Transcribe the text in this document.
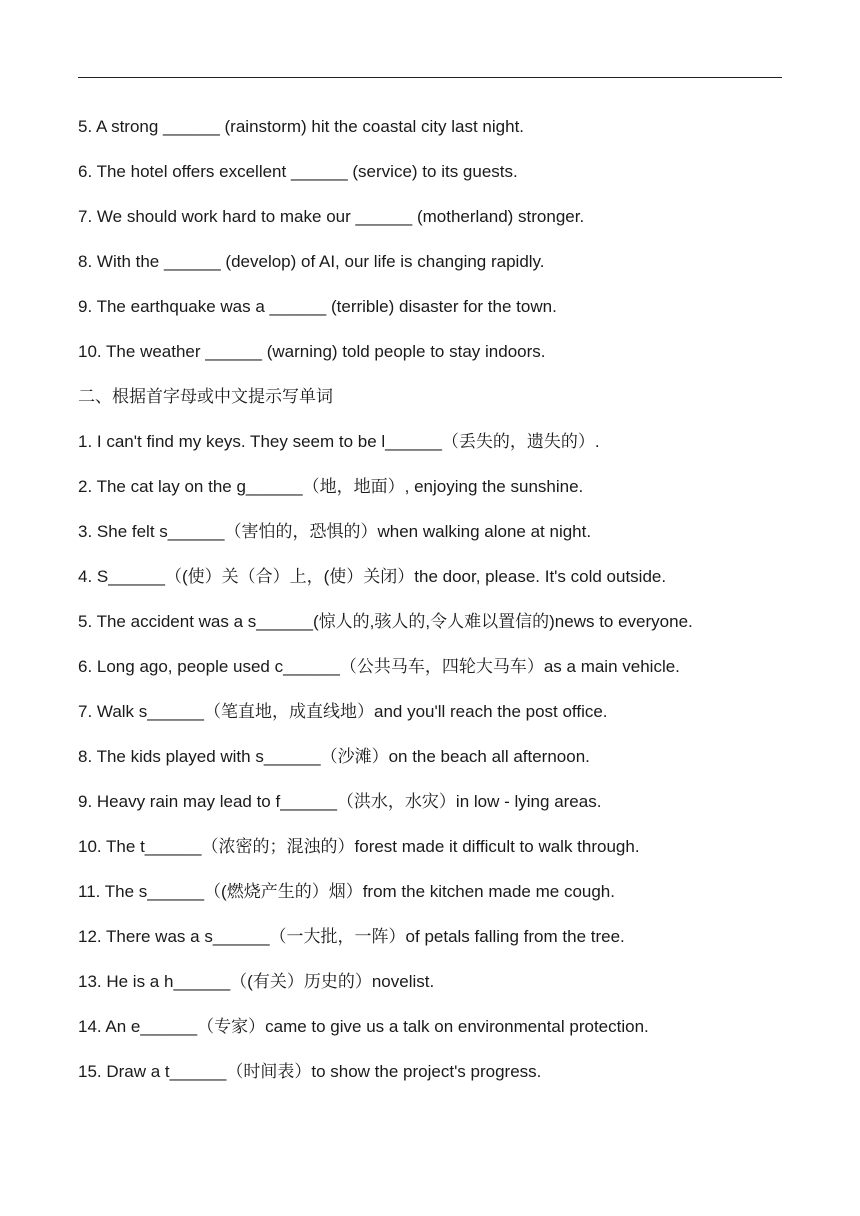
5. A strong ______ (rainstorm) hit the coastal city last night.
6. The hotel offers excellent ______ (service) to its guests.
7. We should work hard to make our ______ (motherland) stronger.
8. With the ______ (develop) of AI, our life is changing rapidly.
9. The earthquake was a ______ (terrible) disaster for the town.
10. The weather ______ (warning) told people to stay indoors.
二、根据首字母或中文提示写单词
1. I can't find my keys. They seem to be l______（丢失的，遗失的）.
2. The cat lay on the g______（地，地面）, enjoying the sunshine.
3. She felt s______（害怕的，恐惧的）when walking alone at night.
4. S______（(使）关（合）上，(使）关闭）the door, please. It's cold outside.
5. The accident was a s______(惊人的,骇人的,令人难以置信的)news to everyone.
6. Long ago, people used c______（公共马车，四轮大马车）as a main vehicle.
7. Walk s______（笔直地，成直线地）and you'll reach the post office.
8. The kids played with s______（沙滩）on the beach all afternoon.
9. Heavy rain may lead to f______（洪水，水灾）in low - lying areas.
10. The t______（浓密的；混浊的）forest made it difficult to walk through.
11. The s______（(燃烧产生的）烟）from the kitchen made me cough.
12. There was a s______（一大批，一阵）of petals falling from the tree.
13. He is a h______（(有关）历史的）novelist.
14. An e______（专家）came to give us a talk on environmental protection.
15. Draw a t______（时间表）to show the project's progress.
